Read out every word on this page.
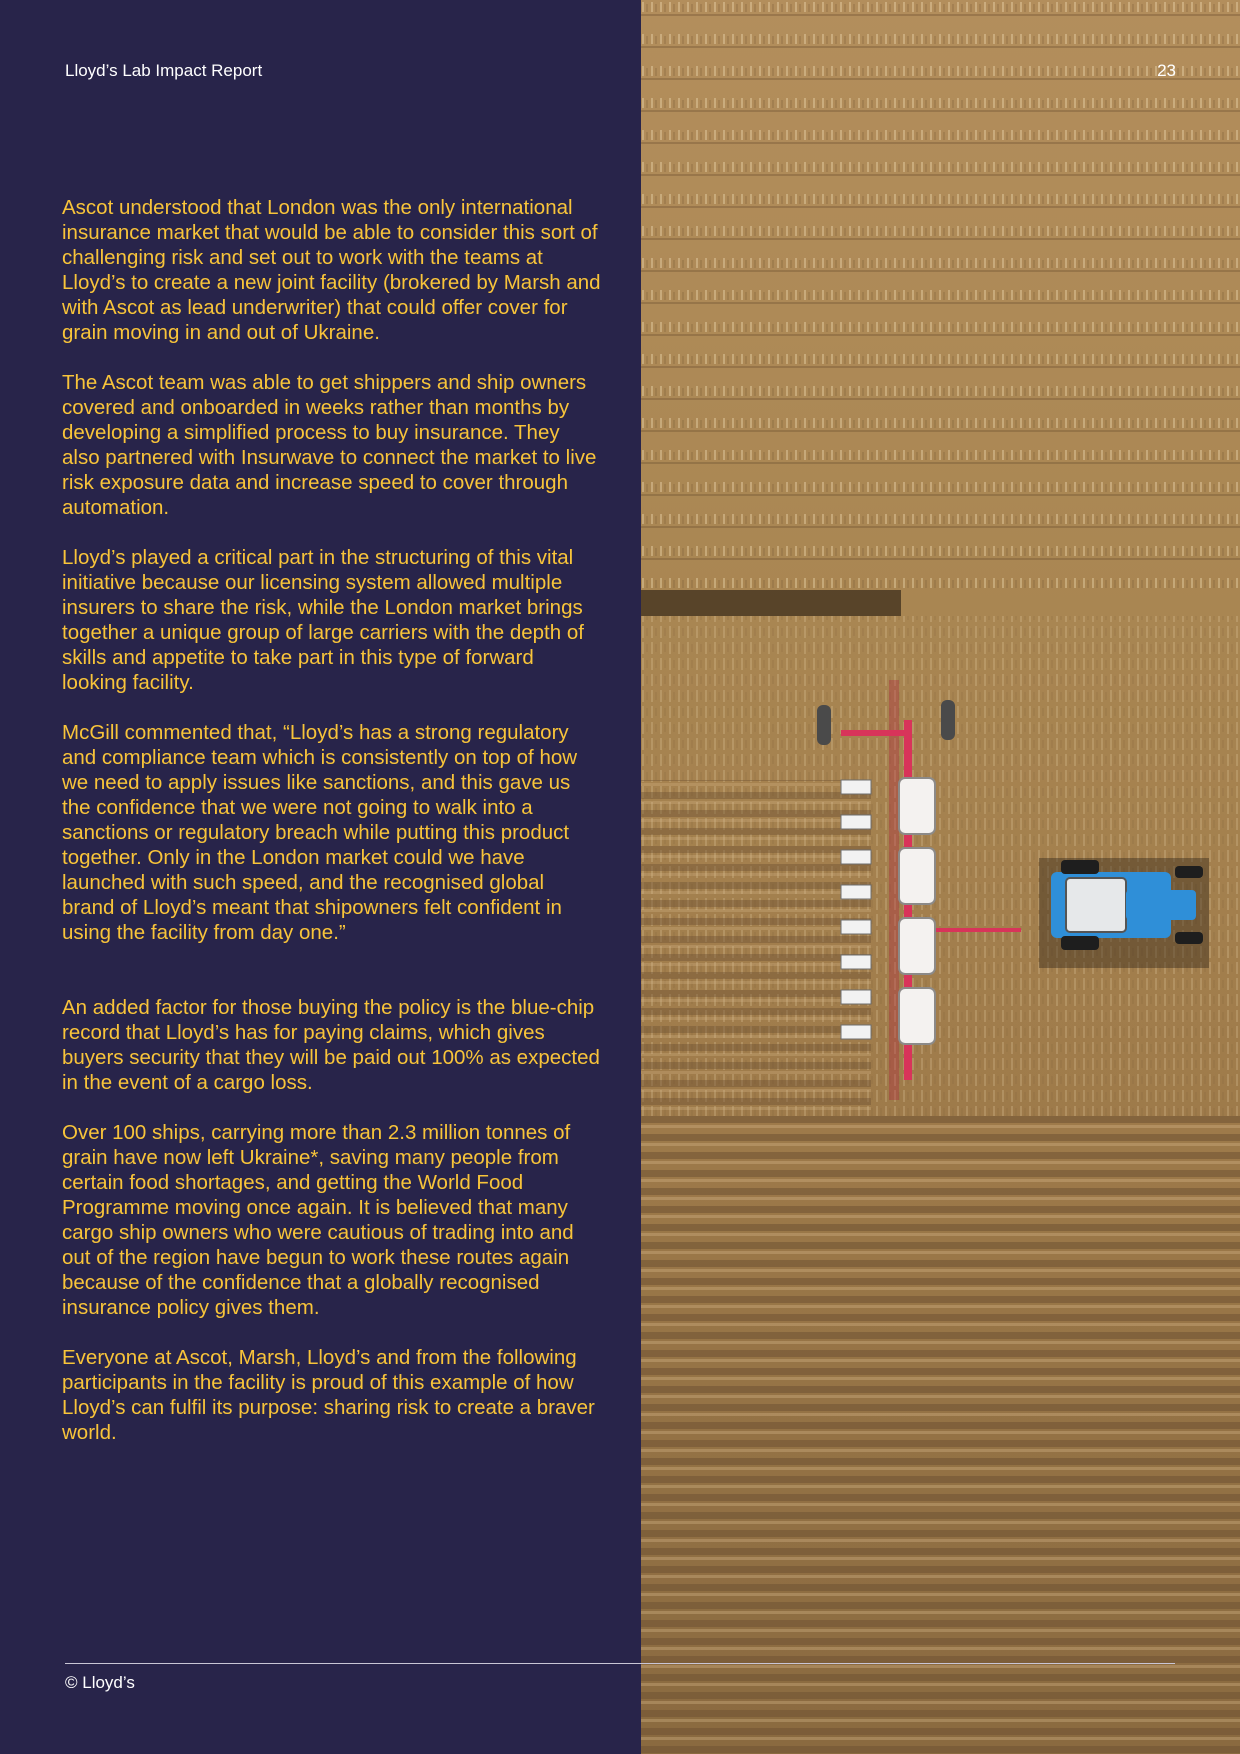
Lloyd’s Lab Impact Report	23

Ascot understood that London was the only international insurance market that would be able to consider this sort of challenging risk and set out to work with the teams at Lloyd’s to create a new joint facility (brokered by Marsh and with Ascot as lead underwriter) that could offer cover for grain moving in and out of Ukraine.

The Ascot team was able to get shippers and ship owners covered and onboarded in weeks rather than months by developing a simplified process to buy insurance. They also partnered with Insurwave to connect the market to live risk exposure data and increase speed to cover through automation.

Lloyd’s played a critical part in the structuring of this vital initiative because our licensing system allowed multiple insurers to share the risk, while the London market brings together a unique group of large carriers with the depth of skills and appetite to take part in this type of forward looking facility.

McGill commented that, “Lloyd’s has a strong regulatory and compliance team which is consistently on top of how we need to apply issues like sanctions, and this gave us the confidence that we were not going to walk into a sanctions or regulatory breach while putting this product together. Only in the London market could we have launched with such speed, and the recognised global brand of Lloyd’s meant that shipowners felt confident in using the facility from day one.”

An added factor for those buying the policy is the blue-chip record that Lloyd’s has for paying claims, which gives buyers security that they will be paid out 100% as expected in the event of a cargo loss.

Over 100 ships, carrying more than 2.3 million tonnes of grain have now left Ukraine*, saving many people from certain food shortages, and getting the World Food Programme moving once again. It is believed that many cargo ship owners who were cautious of trading into and out of the region have begun to work these routes again because of the confidence that a globally recognised insurance policy gives them.

Everyone at Ascot, Marsh, Lloyd’s and from the following participants in the facility is proud of this example of how Lloyd’s can fulfil its purpose: sharing risk to create a braver world.

© Lloyd’s
